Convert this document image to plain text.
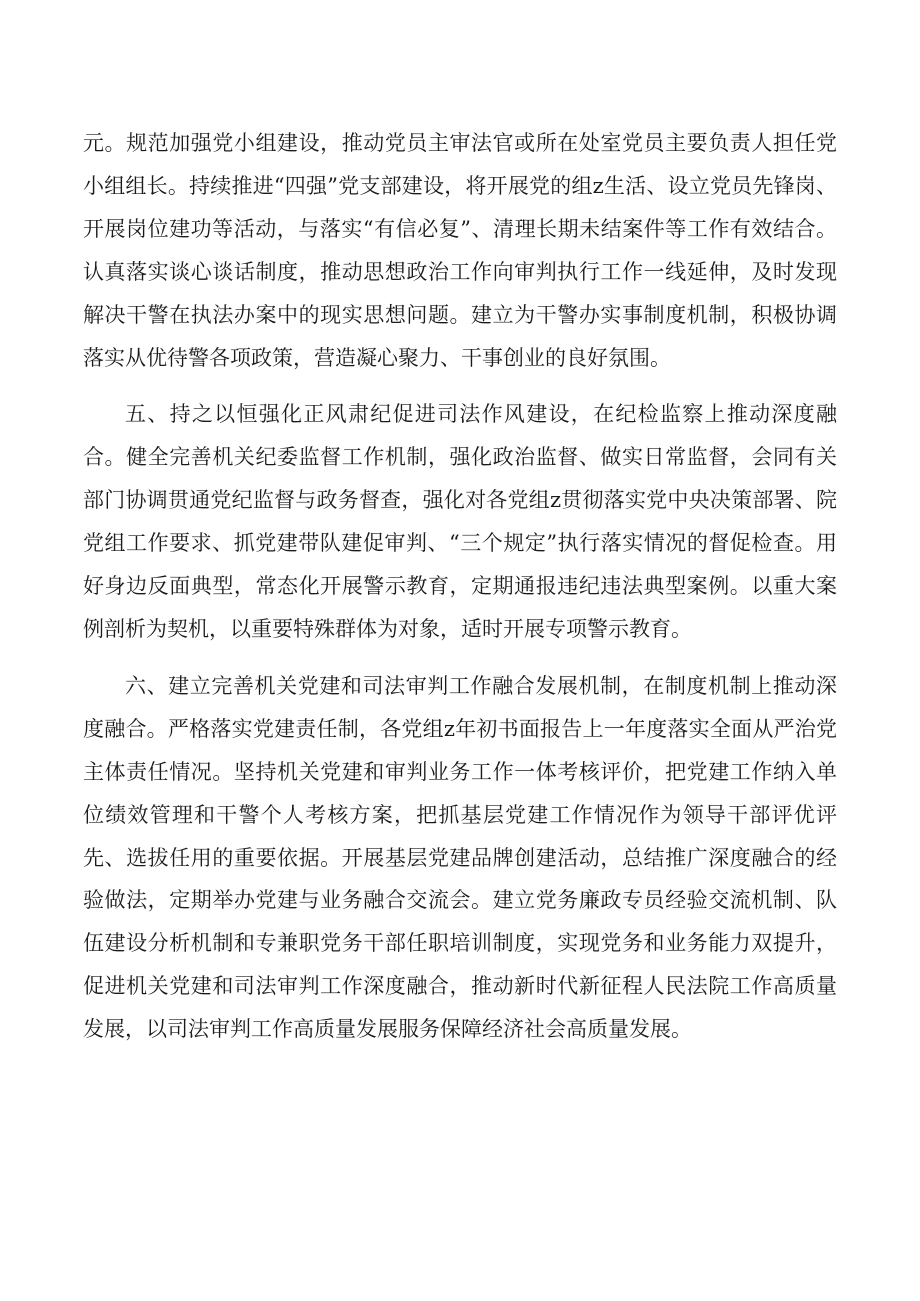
元。规范加强党小组建设，推动党员主审法官或所在处室党员主要负责人担任党小组组长。持续推进“四强”党支部建设，将开展党的组z生活、设立党员先锋岗、开展岗位建功等活动，与落实“有信必复”、清理长期未结案件等工作有效结合。认真落实谈心谈话制度，推动思想政治工作向审判执行工作一线延伸，及时发现解决干警在执法办案中的现实思想问题。建立为干警办实事制度机制，积极协调落实从优待警各项政策，营造凝心聚力、干事创业的良好氛围。

五、持之以恒强化正风肃纪促进司法作风建设，在纪检监察上推动深度融合。健全完善机关纪委监督工作机制，强化政治监督、做实日常监督，会同有关部门协调贯通党纪监督与政务督查，强化对各党组z贯彻落实党中央决策部署、院党组工作要求、抓党建带队建促审判、“三个规定”执行落实情况的督促检查。用好身边反面典型，常态化开展警示教育，定期通报违纪违法典型案例。以重大案例剖析为契机，以重要特殊群体为对象，适时开展专项警示教育。

六、建立完善机关党建和司法审判工作融合发展机制，在制度机制上推动深度融合。严格落实党建责任制，各党组z年初书面报告上一年度落实全面从严治党主体责任情况。坚持机关党建和审判业务工作一体考核评价，把党建工作纳入单位绩效管理和干警个人考核方案，把抓基层党建工作情况作为领导干部评优评先、选拔任用的重要依据。开展基层党建品牌创建活动，总结推广深度融合的经验做法，定期举办党建与业务融合交流会。建立党务廉政专员经验交流机制、队伍建设分析机制和专兼职党务干部任职培训制度，实现党务和业务能力双提升，促进机关党建和司法审判工作深度融合，推动新时代新征程人民法院工作高质量发展，以司法审判工作高质量发展服务保障经济社会高质量发展。
